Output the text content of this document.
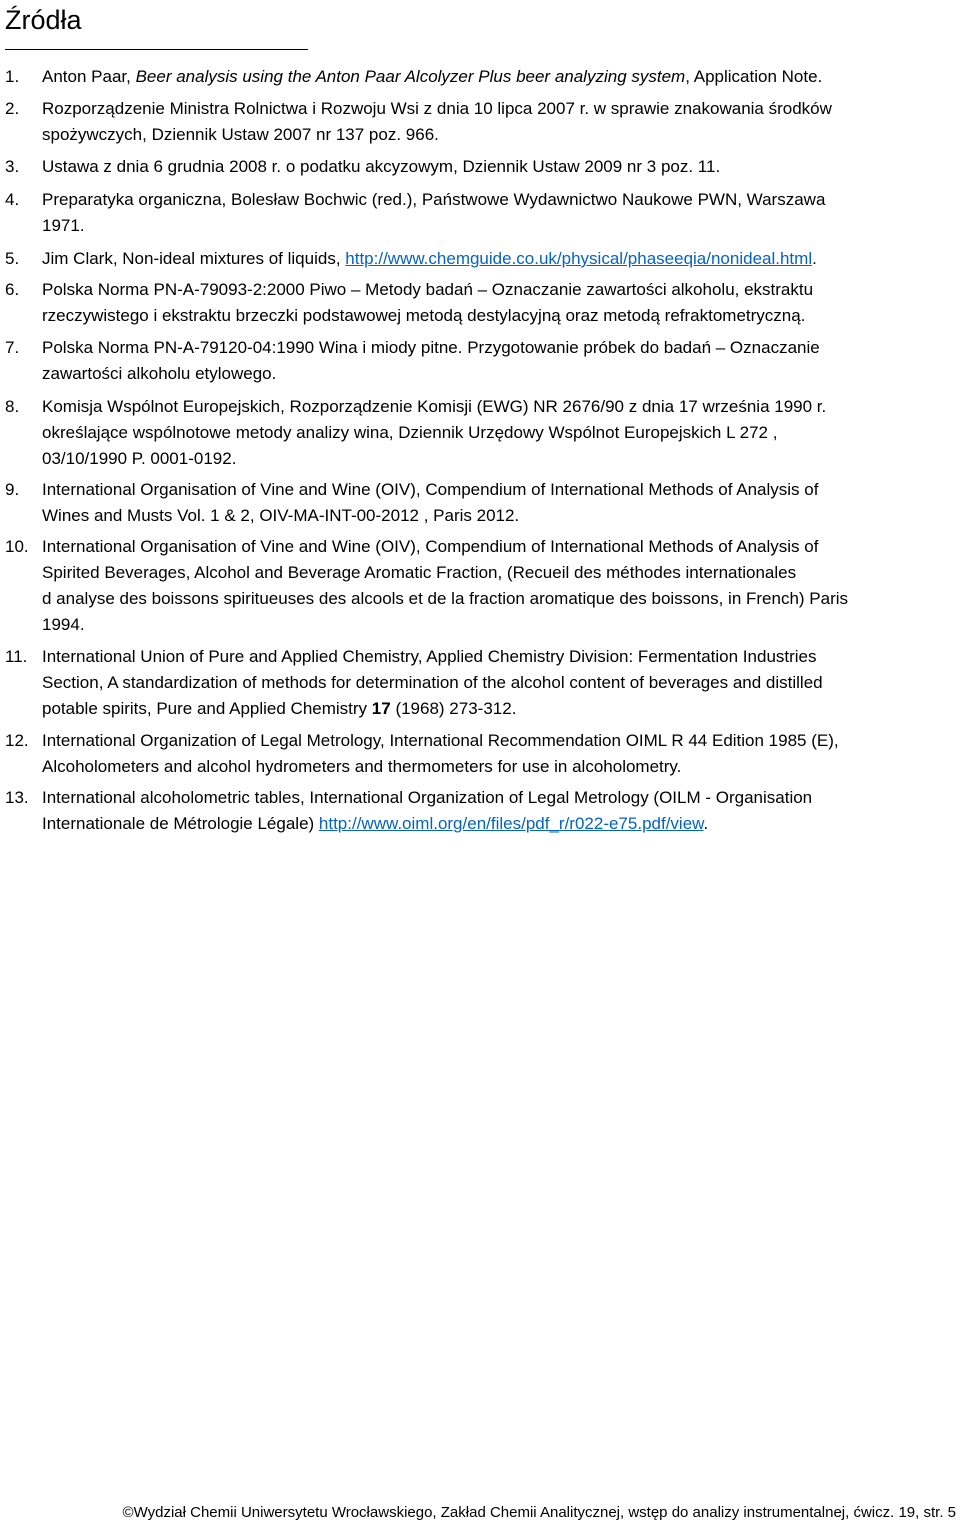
Źródła
1. Anton Paar, Beer analysis using the Anton Paar Alcolyzer Plus beer analyzing system, Application Note.
2. Rozporządzenie Ministra Rolnictwa i Rozwoju Wsi z dnia 10 lipca 2007 r. w sprawie znakowania środków
spożywczych, Dziennik Ustaw 2007 nr 137 poz. 966.
3. Ustawa z dnia 6 grudnia 2008 r. o podatku akcyzowym, Dziennik Ustaw 2009 nr 3 poz. 11.
4. Preparatyka organiczna, Bolesław Bochwic (red.), Państwowe Wydawnictwo Naukowe PWN, Warszawa
1971.
5. Jim Clark, Non-ideal mixtures of liquids, http://www.chemguide.co.uk/physical/phaseeqia/nonideal.html.
6. Polska Norma PN-A-79093-2:2000 Piwo – Metody badań – Oznaczanie zawartości alkoholu, ekstraktu
rzeczywistego i ekstraktu brzeczki podstawowej metodą destylacyjną oraz metodą refraktometryczną.
7. Polska Norma PN-A-79120-04:1990 Wina i miody pitne. Przygotowanie próbek do badań – Oznaczanie
zawartości alkoholu etylowego.
8. Komisja Wspólnot Europejskich, Rozporządzenie Komisji (EWG) NR 2676/90 z dnia 17 września 1990 r.
określające wspólnotowe metody analizy wina, Dziennik Urzędowy Wspólnot Europejskich L 272 ,
03/10/1990 P. 0001-0192.
9. International Organisation of Vine and Wine (OIV), Compendium of International Methods of Analysis of
Wines and Musts Vol. 1 & 2, OIV-MA-INT-00-2012 , Paris 2012.
10. International Organisation of Vine and Wine (OIV), Compendium of International Methods of Analysis of
Spirited Beverages, Alcohol and Beverage Aromatic Fraction, (Recueil des méthodes internationales
d analyse des boissons spiritueuses des alcools et de la fraction aromatique des boissons, in French) Paris
1994.
11. International Union of Pure and Applied Chemistry, Applied Chemistry Division: Fermentation Industries
Section, A standardization of methods for determination of the alcohol content of beverages and distilled
potable spirits, Pure and Applied Chemistry 17 (1968) 273-312.
12. International Organization of Legal Metrology, International Recommendation OIML R 44 Edition 1985 (E),
Alcoholometers and alcohol hydrometers and thermometers for use in alcoholometry.
13. International alcoholometric tables, International Organization of Legal Metrology (OILM - Organisation
Internationale de Métrologie Légale) http://www.oiml.org/en/files/pdf_r/r022-e75.pdf/view.
©Wydział Chemii Uniwersytetu Wrocławskiego, Zakład Chemii Analitycznej, wstęp do analizy instrumentalnej, ćwicz. 19, str. 5
